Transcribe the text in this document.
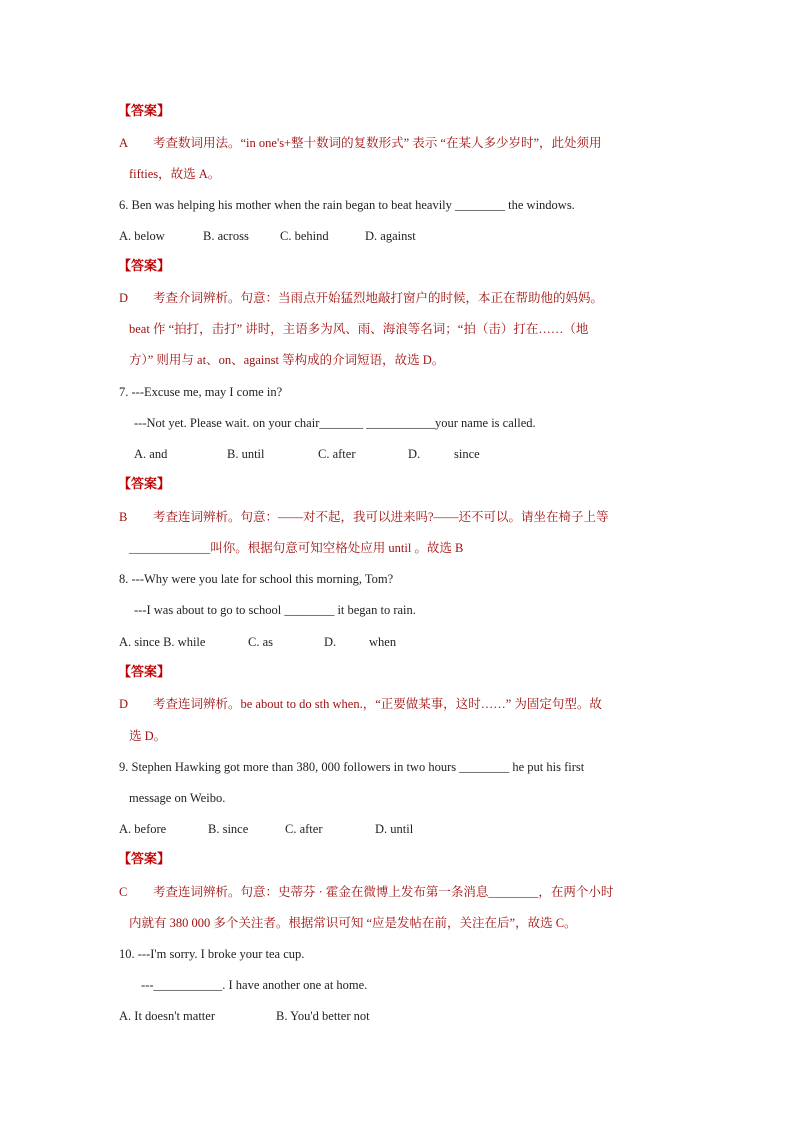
【答案】
A 考查数词用法。“in one's+整十数词的复数形式” 表示 “在某人多少岁时”，此处须用
fifties，故选 A。
6. Ben was helping his mother when the rain began to beat heavily ________ the windows.
A. below	B. across C. behind	D. against
【答案】
D 考查介词辨析。句意：当雨点开始猛烈地敲打窗户的时候，本正在帮助他的妈妈。
beat 作 “拍打，击打” 讲时，主语多为风、雨、海浪等名词；“拍（击）打在……（地
方）” 则用与 at、on、against 等构成的介词短语，故选 D。
7. ---Excuse me, may I come in?
---Not yet. Please wait. on your chair_______ ___________your name is called.
A. and	B. until	C. after	D.	since
【答案】
B 考查连词辨析。句意：——对不起，我可以进来吗?——还不可以。请坐在椅子上等
_____________叫你。根据句意可知空格处应用 until 。故选 B
8. ---Why were you late for school this morning, Tom?
---I was about to go to school ________ it began to rain.
A. since B. while	C. as	D.	when
【答案】
D 考查连词辨析。be about to do sth when.，“正要做某事，这时……” 为固定句型。故
选 D。
9. Stephen Hawking got more than 380, 000 followers in two hours ________ he put his first
message on Weibo.
A. before	B. since	C. after	D. until
【答案】
C 考查连词辨析。句意：史蒂芬 · 霍金在微博上发布第一条消息________，在两个小时
内就有 380 000 多个关注者。根据常识可知 “应是发帖在前，关注在后”，故选 C。
10. ---I'm sorry. I broke your tea cup.
---___________. I have another one at home.
A. It doesn't matter	B. You'd better not
